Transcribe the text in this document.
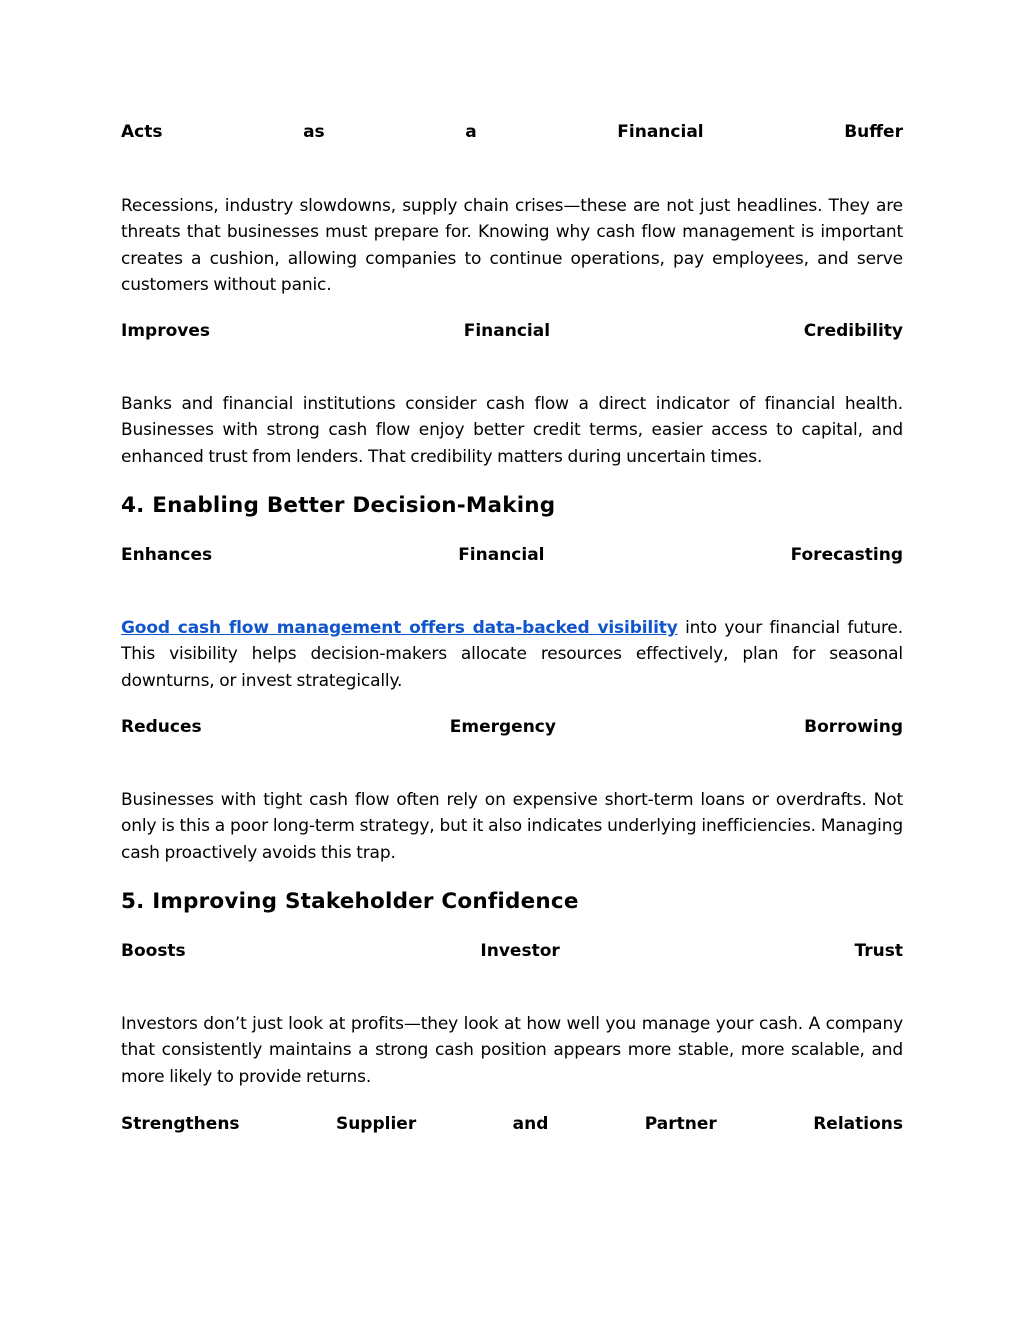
Acts	as	a	Financial	Buffer

Recessions, industry slowdowns, supply chain crises—these are not just headlines. They are threats that businesses must prepare for. Knowing why cash flow management is important creates a cushion, allowing companies to continue operations, pay employees, and serve customers without panic.

Improves	Financial	Credibility

Banks and financial institutions consider cash flow a direct indicator of financial health. Businesses with strong cash flow enjoy better credit terms, easier access to capital, and enhanced trust from lenders. That credibility matters during uncertain times.

4. Enabling Better Decision-Making
Enhances	Financial	Forecasting

Good cash flow management offers data-backed visibility into your financial future. This visibility helps decision-makers allocate resources effectively, plan for seasonal downturns, or invest strategically.

Reduces	Emergency	Borrowing

Businesses with tight cash flow often rely on expensive short-term loans or overdrafts. Not only is this a poor long-term strategy, but it also indicates underlying inefficiencies. Managing cash proactively avoids this trap.

5. Improving Stakeholder Confidence
Boosts	Investor	Trust

Investors don’t just look at profits—they look at how well you manage your cash. A company that consistently maintains a strong cash position appears more stable, more scalable, and more likely to provide returns.

Strengthens	Supplier	and	Partner	Relations
